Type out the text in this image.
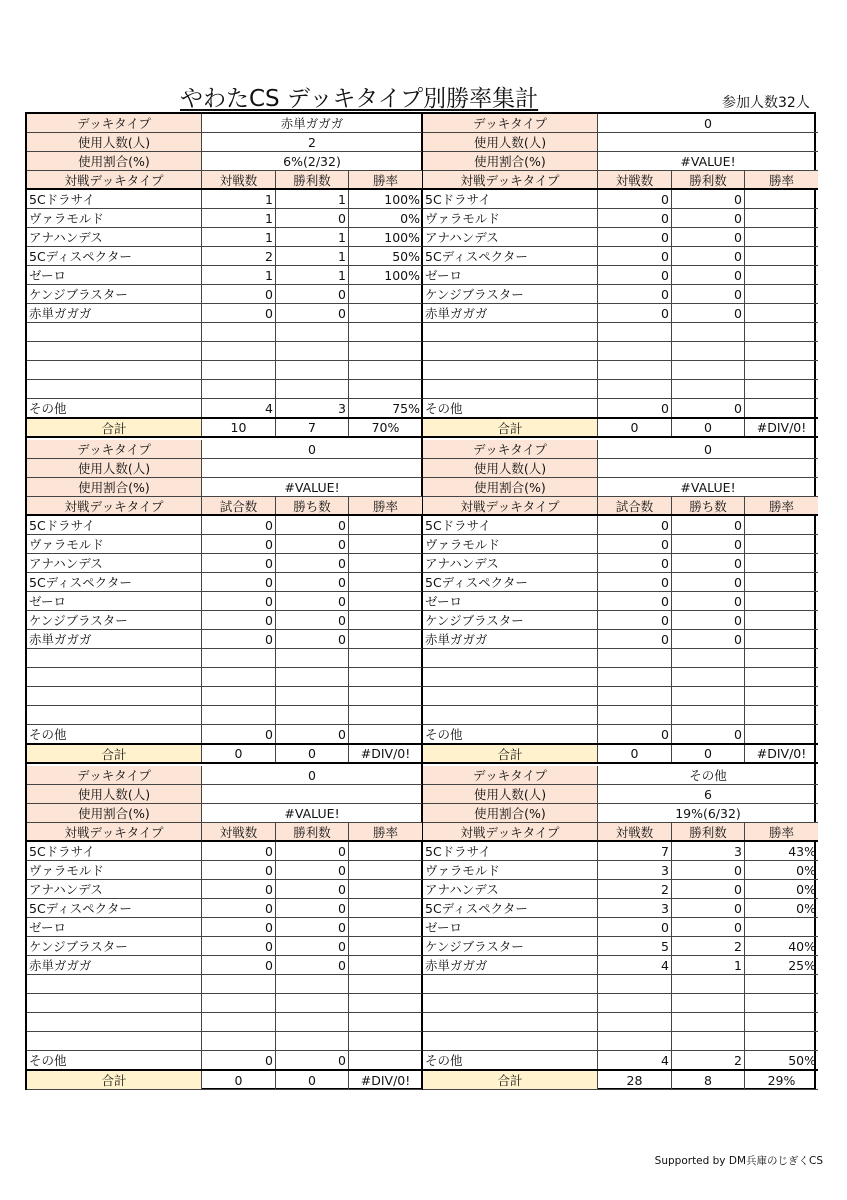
やわたCS デッキタイプ別勝率集計	参加人数32人
デッキタイプ	赤単ガガガ
使用人数(人)	2
使用割合(%)	6%(2/32)
対戦デッキタイプ	対戦数	勝利数	勝率
5Cドラサイ	1	1	100%
ヴァラモルド	1	0	0%
アナハンデス	1	1	100%
5Cディスペクター	2	1	50%
ゼーロ	1	1	100%
ケンジブラスター	0	0
赤単ガガガ	0	0
その他	4	3	75%
合計	10	7	70%
デッキタイプ	0
使用人数(人)
使用割合(%)	#VALUE!
対戦デッキタイプ	対戦数	勝利数	勝率
5Cドラサイ	0	0
ヴァラモルド	0	0
アナハンデス	0	0
5Cディスペクター	0	0
ゼーロ	0	0
ケンジブラスター	0	0
赤単ガガガ	0	0
その他	0	0
合計	0	0	#DIV/0!
デッキタイプ	0
使用人数(人)
使用割合(%)	#VALUE!
対戦デッキタイプ	試合数	勝ち数	勝率
5Cドラサイ	0	0
ヴァラモルド	0	0
アナハンデス	0	0
5Cディスペクター	0	0
ゼーロ	0	0
ケンジブラスター	0	0
赤単ガガガ	0	0
その他	0	0
合計	0	0	#DIV/0!
デッキタイプ	0
使用人数(人)
使用割合(%)	#VALUE!
対戦デッキタイプ	試合数	勝ち数	勝率
5Cドラサイ	0	0
ヴァラモルド	0	0
アナハンデス	0	0
5Cディスペクター	0	0
ゼーロ	0	0
ケンジブラスター	0	0
赤単ガガガ	0	0
その他	0	0
合計	0	0	#DIV/0!
デッキタイプ	0
使用人数(人)
使用割合(%)	#VALUE!
対戦デッキタイプ	対戦数	勝利数	勝率
5Cドラサイ	0	0
ヴァラモルド	0	0
アナハンデス	0	0
5Cディスペクター	0	0
ゼーロ	0	0
ケンジブラスター	0	0
赤単ガガガ	0	0
その他	0	0
合計	0	0	#DIV/0!
デッキタイプ	その他
使用人数(人)	6
使用割合(%)	19%(6/32)
対戦デッキタイプ	対戦数	勝利数	勝率
5Cドラサイ	7	3	43%
ヴァラモルド	3	0	0%
アナハンデス	2	0	0%
5Cディスペクター	3	0	0%
ゼーロ	0	0
ケンジブラスター	5	2	40%
赤単ガガガ	4	1	25%
その他	4	2	50%
合計	28	8	29%
Supported by DM兵庫のじぎくCS
